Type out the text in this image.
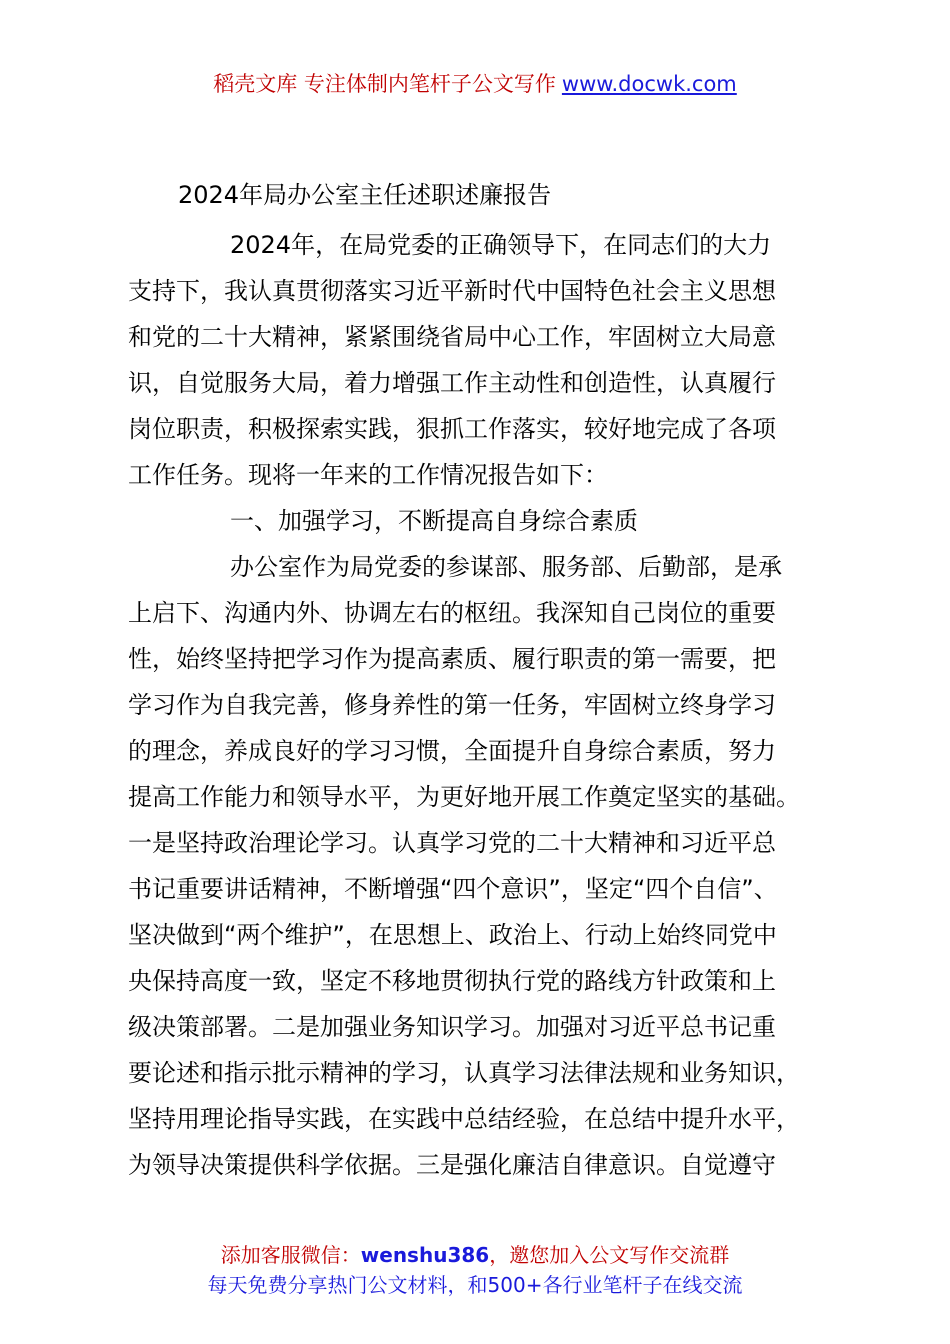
稻壳文库 专注体制内笔杆子公文写作 www.docwk.com
2024年局办公室主任述职述廉报告
2024年，在局党委的正确领导下，在同志们的大力
支持下，我认真贯彻落实习近平新时代中国特色社会主义思想
和党的二十大精神，紧紧围绕省局中心工作，牢固树立大局意
识，自觉服务大局，着力增强工作主动性和创造性，认真履行
岗位职责，积极探索实践，狠抓工作落实，较好地完成了各项
工作任务。现将一年来的工作情况报告如下：
一、加强学习，不断提高自身综合素质
办公室作为局党委的参谋部、服务部、后勤部，是承
上启下、沟通内外、协调左右的枢纽。我深知自己岗位的重要
性，始终坚持把学习作为提高素质、履行职责的第一需要，把
学习作为自我完善，修身养性的第一任务，牢固树立终身学习
的理念，养成良好的学习习惯，全面提升自身综合素质，努力
提高工作能力和领导水平，为更好地开展工作奠定坚实的基础。
一是坚持政治理论学习。认真学习党的二十大精神和习近平总
书记重要讲话精神，不断增强“四个意识”，坚定“四个自信”、
坚决做到“两个维护”，在思想上、政治上、行动上始终同党中
央保持高度一致，坚定不移地贯彻执行党的路线方针政策和上
级决策部署。二是加强业务知识学习。加强对习近平总书记重
要论述和指示批示精神的学习，认真学习法律法规和业务知识，
坚持用理论指导实践，在实践中总结经验，在总结中提升水平，
为领导决策提供科学依据。三是强化廉洁自律意识。自觉遵守
添加客服微信：wenshu386，邀您加入公文写作交流群
每天免费分享热门公文材料，和500+各行业笔杆子在线交流
